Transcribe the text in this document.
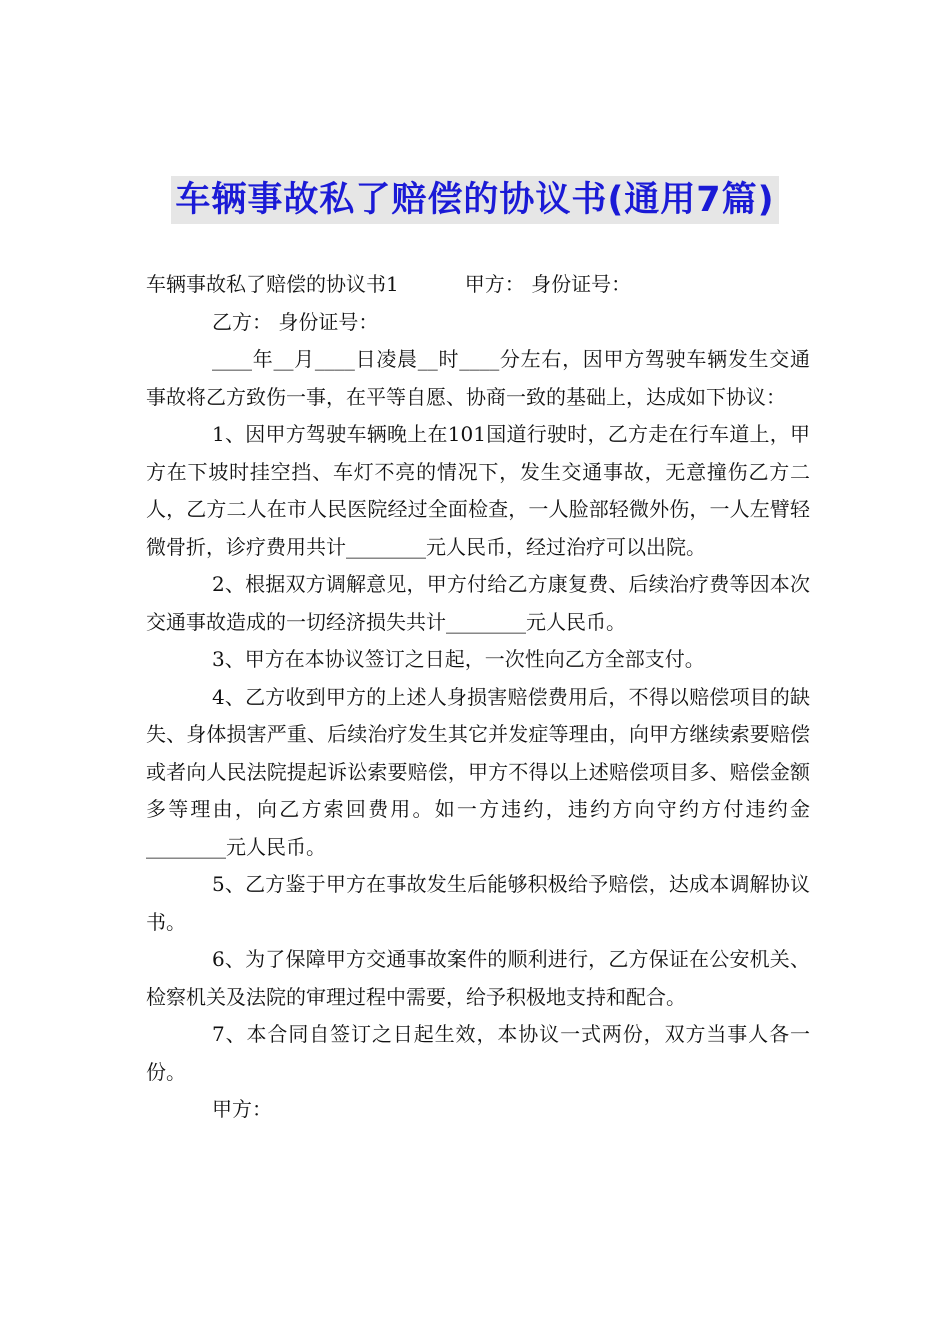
车辆事故私了赔偿的协议书(通用7篇)

车辆事故私了赔偿的协议书1	甲方： 身份证号：

乙方： 身份证号：

____年__月____日凌晨__时____分左右，因甲方驾驶车辆发生交通事故将乙方致伤一事，在平等自愿、协商一致的基础上，达成如下协议：

1、因甲方驾驶车辆晚上在101国道行驶时，乙方走在行车道上，甲方在下坡时挂空挡、车灯不亮的情况下，发生交通事故，无意撞伤乙方二人，乙方二人在市人民医院经过全面检查，一人脸部轻微外伤，一人左臂轻微骨折，诊疗费用共计________元人民币，经过治疗可以出院。

2、根据双方调解意见，甲方付给乙方康复费、后续治疗费等因本次交通事故造成的一切经济损失共计________元人民币。

3、甲方在本协议签订之日起，一次性向乙方全部支付。

4、乙方收到甲方的上述人身损害赔偿费用后，不得以赔偿项目的缺失、身体损害严重、后续治疗发生其它并发症等理由，向甲方继续索要赔偿或者向人民法院提起诉讼索要赔偿，甲方不得以上述赔偿项目多、赔偿金额多等理由，向乙方索回费用。如一方违约，违约方向守约方付违约金________元人民币。

5、乙方鉴于甲方在事故发生后能够积极给予赔偿，达成本调解协议书。

6、为了保障甲方交通事故案件的顺利进行，乙方保证在公安机关、检察机关及法院的审理过程中需要，给予积极地支持和配合。

7、本合同自签订之日起生效，本协议一式两份，双方当事人各一份。

甲方：
